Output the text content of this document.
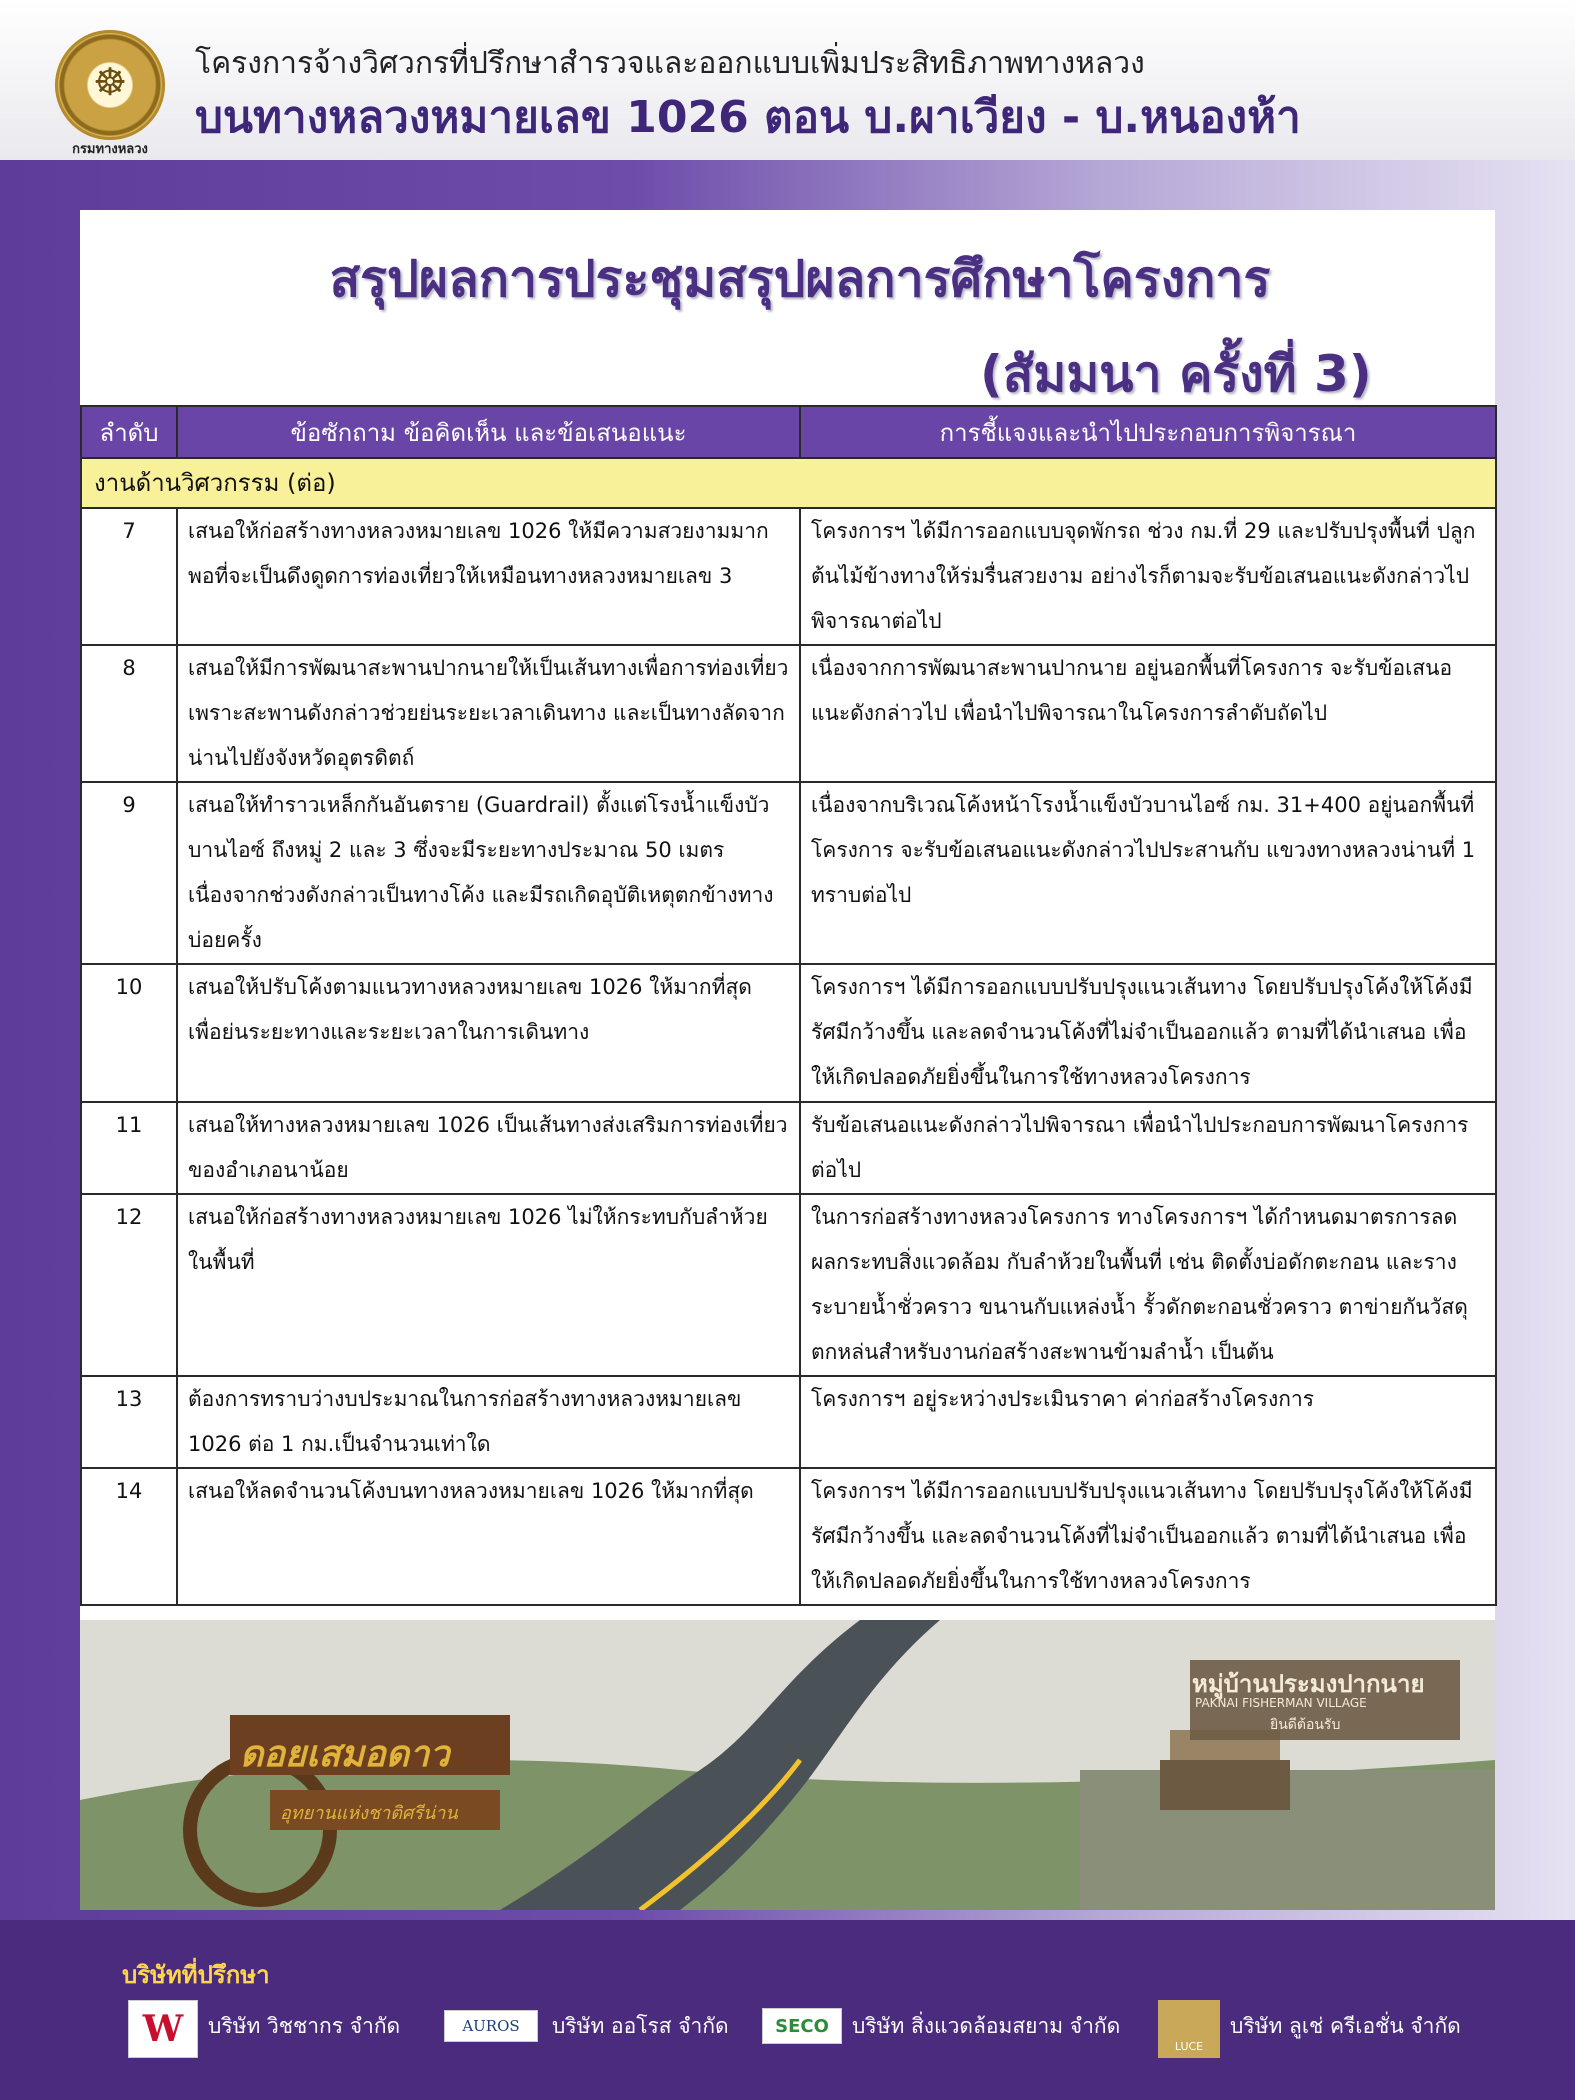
☸
กรมทางหลวง
โครงการจ้างวิศวกรที่ปรึกษาสำรวจและออกแบบเพิ่มประสิทธิภาพทางหลวง
บนทางหลวงหมายเลข 1026 ตอน บ.ผาเวียง - บ.หนองห้า
สรุปผลการประชุมสรุปผลการศึกษาโครงการ
(สัมมนา ครั้งที่ 3)
ลำดับ	ข้อซักถาม ข้อคิดเห็น และข้อเสนอแนะ	การชี้แจงและนำไปประกอบการพิจารณา
งานด้านวิศวกรรม (ต่อ)		
7	เสนอให้ก่อสร้างทางหลวงหมายเลข 1026 ให้มีความสวยงามมากพอที่จะเป็นดึงดูดการท่องเที่ยวให้เหมือนทางหลวงหมายเลข 3	โครงการฯ ได้มีการออกแบบจุดพักรถ ช่วง กม.ที่ 29 และปรับปรุงพื้นที่ ปลูกต้นไม้ข้างทางให้ร่มรื่นสวยงาม อย่างไรก็ตามจะรับข้อเสนอแนะดังกล่าวไปพิจารณาต่อไป
8	เสนอให้มีการพัฒนาสะพานปากนายให้เป็นเส้นทางเพื่อการท่องเที่ยว เพราะสะพานดังกล่าวช่วยย่นระยะเวลาเดินทาง และเป็นทางลัดจากน่านไปยังจังหวัดอุตรดิตถ์	เนื่องจากการพัฒนาสะพานปากนาย อยู่นอกพื้นที่โครงการ จะรับข้อเสนอแนะดังกล่าวไป เพื่อนำไปพิจารณาในโครงการลำดับถัดไป
9	เสนอให้ทำราวเหล็กกันอันตราย (Guardrail) ตั้งแต่โรงน้ำแข็งบัวบานไอซ์ ถึงหมู่ 2 และ 3 ซึ่งจะมีระยะทางประมาณ 50 เมตร เนื่องจากช่วงดังกล่าวเป็นทางโค้ง และมีรถเกิดอุบัติเหตุตกข้างทางบ่อยครั้ง	เนื่องจากบริเวณโค้งหน้าโรงน้ำแข็งบัวบานไอซ์ กม. 31+400 อยู่นอกพื้นที่โครงการ จะรับข้อเสนอแนะดังกล่าวไปประสานกับ แขวงทางหลวงน่านที่ 1 ทราบต่อไป
10	เสนอให้ปรับโค้งตามแนวทางหลวงหมายเลข 1026 ให้มากที่สุด เพื่อย่นระยะทางและระยะเวลาในการเดินทาง	โครงการฯ ได้มีการออกแบบปรับปรุงแนวเส้นทาง โดยปรับปรุงโค้งให้โค้งมีรัศมีกว้างขึ้น และลดจำนวนโค้งที่ไม่จำเป็นออกแล้ว ตามที่ได้นำเสนอ เพื่อให้เกิดปลอดภัยยิ่งขึ้นในการใช้ทางหลวงโครงการ
11	เสนอให้ทางหลวงหมายเลข 1026 เป็นเส้นทางส่งเสริมการท่องเที่ยวของอำเภอนาน้อย	รับข้อเสนอแนะดังกล่าวไปพิจารณา เพื่อนำไปประกอบการพัฒนาโครงการต่อไป
12	เสนอให้ก่อสร้างทางหลวงหมายเลข 1026 ไม่ให้กระทบกับลำห้วยในพื้นที่	ในการก่อสร้างทางหลวงโครงการ ทางโครงการฯ ได้กำหนดมาตรการลดผลกระทบสิ่งแวดล้อม กับลำห้วยในพื้นที่ เช่น ติดตั้งบ่อดักตะกอน และรางระบายน้ำชั่วคราว ขนานกับแหล่งน้ำ รั้วดักตะกอนชั่วคราว ตาข่ายกันวัสดุตกหล่นสำหรับงานก่อสร้างสะพานข้ามลำน้ำ เป็นต้น
13	ต้องการทราบว่างบประมาณในการก่อสร้างทางหลวงหมายเลข 1026 ต่อ 1 กม.เป็นจำนวนเท่าใด	โครงการฯ อยู่ระหว่างประเมินราคา ค่าก่อสร้างโครงการ
14	เสนอให้ลดจำนวนโค้งบนทางหลวงหมายเลข 1026 ให้มากที่สุด	โครงการฯ ได้มีการออกแบบปรับปรุงแนวเส้นทาง โดยปรับปรุงโค้งให้โค้งมีรัศมีกว้างขึ้น และลดจำนวนโค้งที่ไม่จำเป็นออกแล้ว ตามที่ได้นำเสนอ เพื่อให้เกิดปลอดภัยยิ่งขึ้นในการใช้ทางหลวงโครงการ
ดอยเสมอดาว
อุทยานแห่งชาติศรีน่าน
หมู่บ้านประมงปากนาย
PAKNAI FISHERMAN VILLAGE
ยินดีต้อนรับ
บริษัทที่ปรึกษา
W บริษัท วิชชากร จำกัด	AUROS บริษัท ออโรส จำกัด	SECO บริษัท สิ่งแวดล้อมสยาม จำกัด
LUCE
บริษัท ลูเช่ ครีเอชั่น จำกัด
